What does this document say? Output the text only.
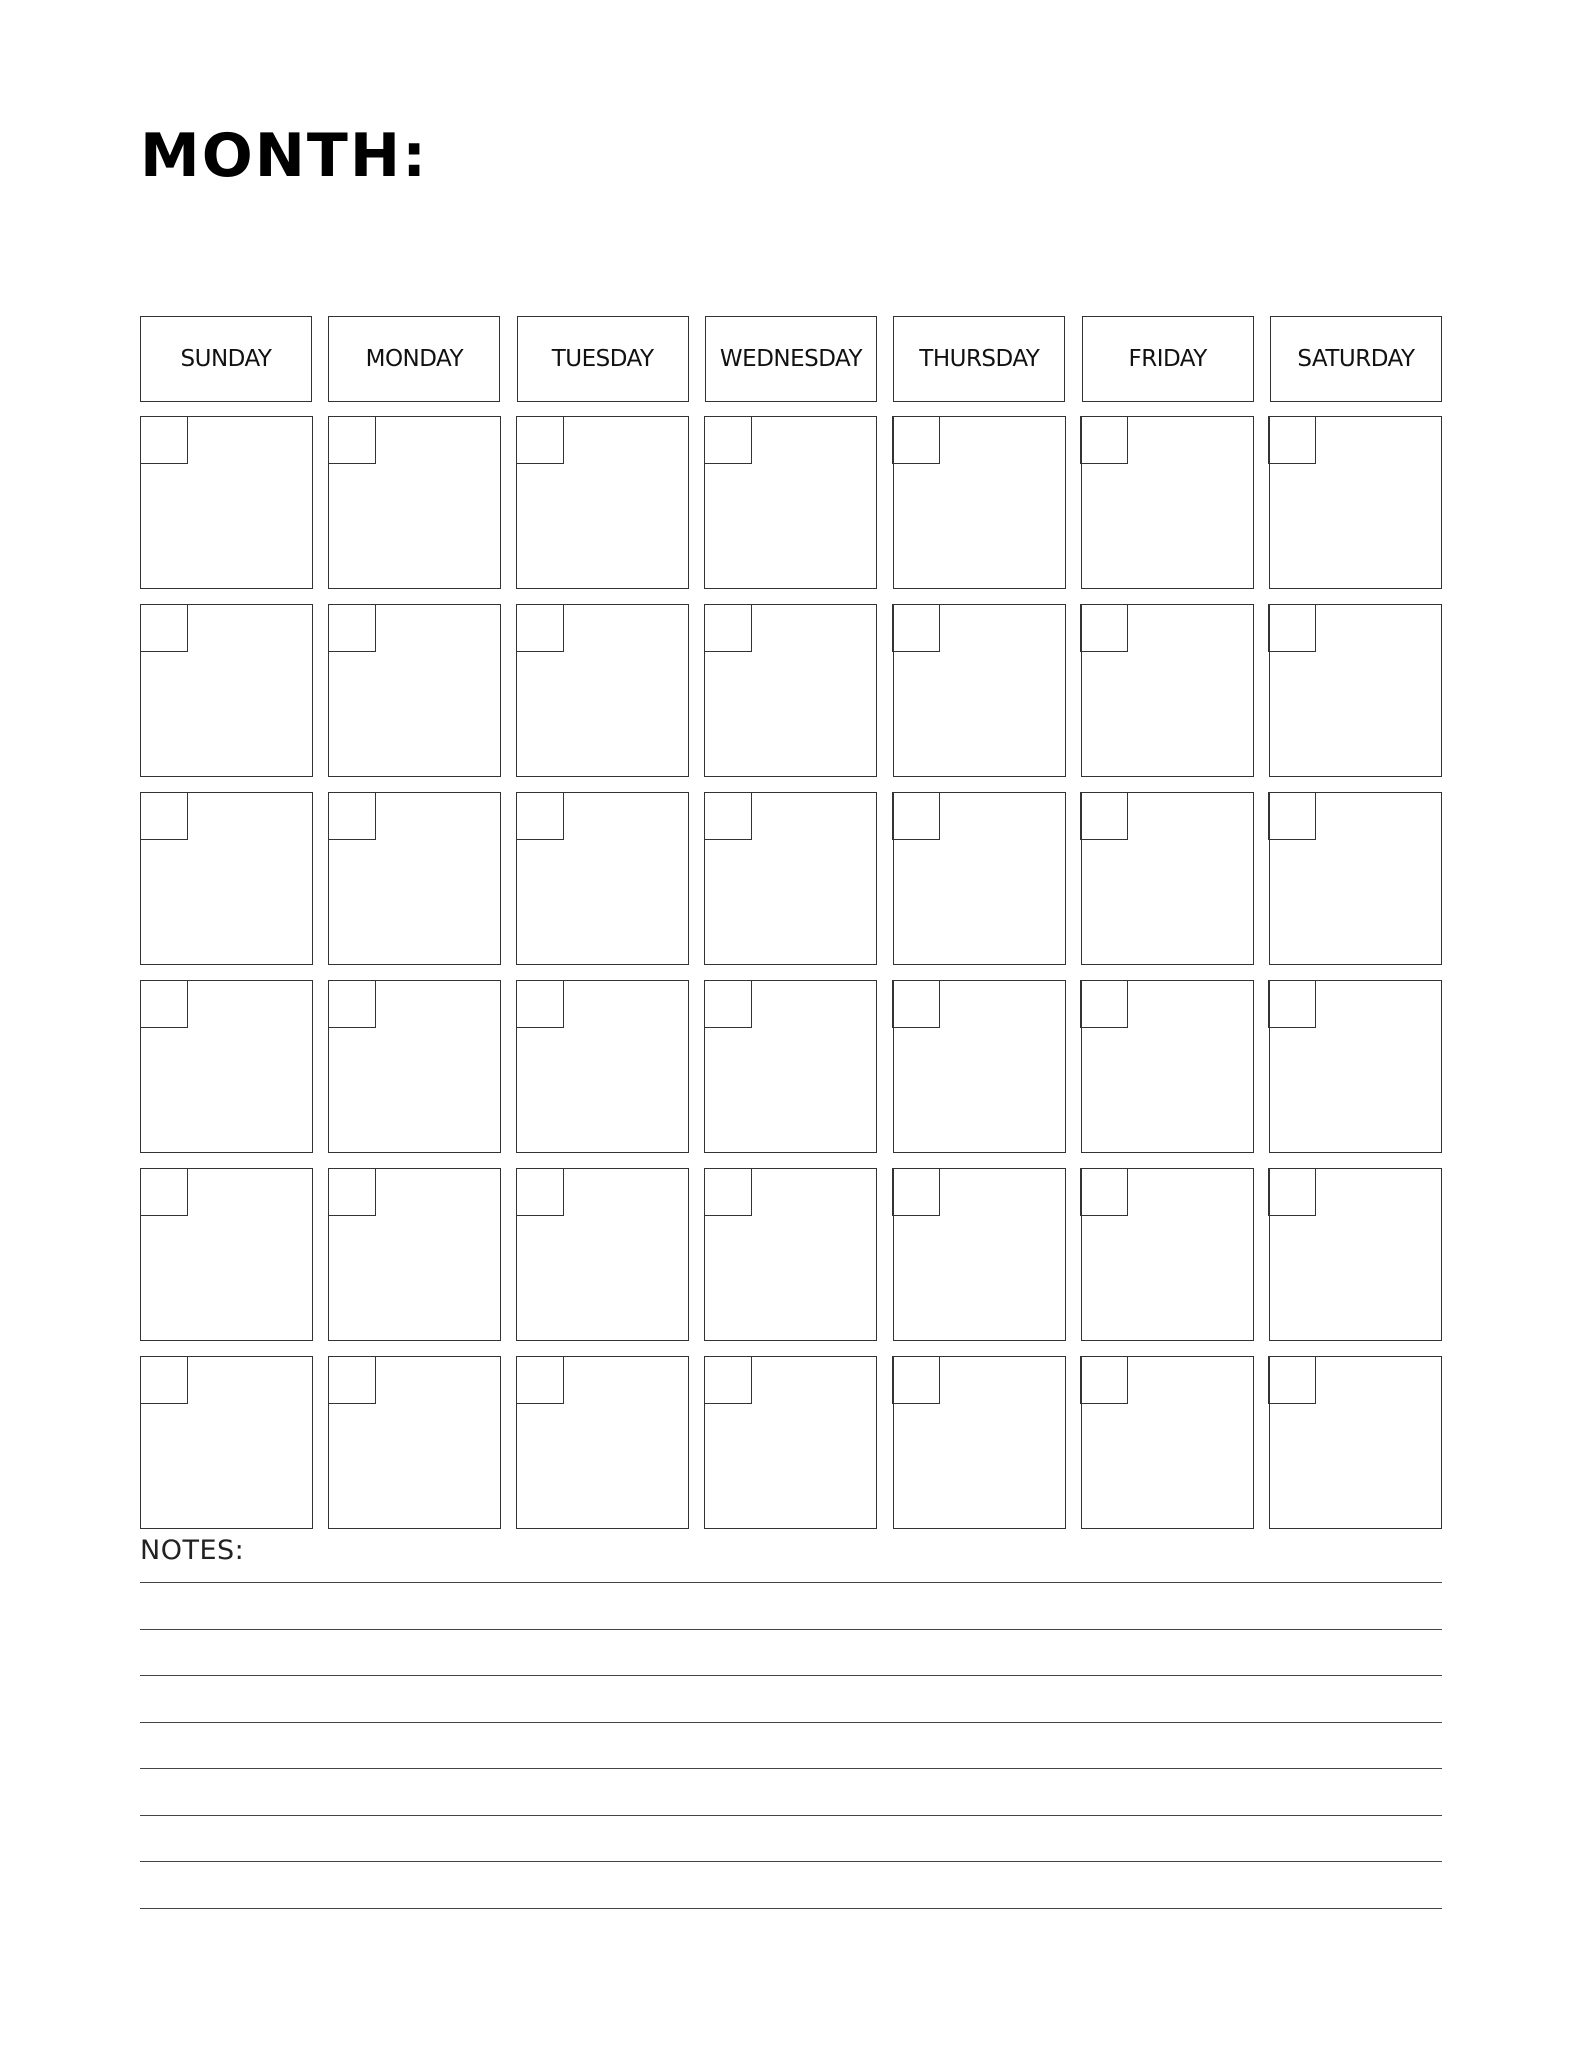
MONTH:
SUNDAY	MONDAY	TUESDAY	WEDNESDAY	THURSDAY	FRIDAY	SATURDAY
NOTES:
